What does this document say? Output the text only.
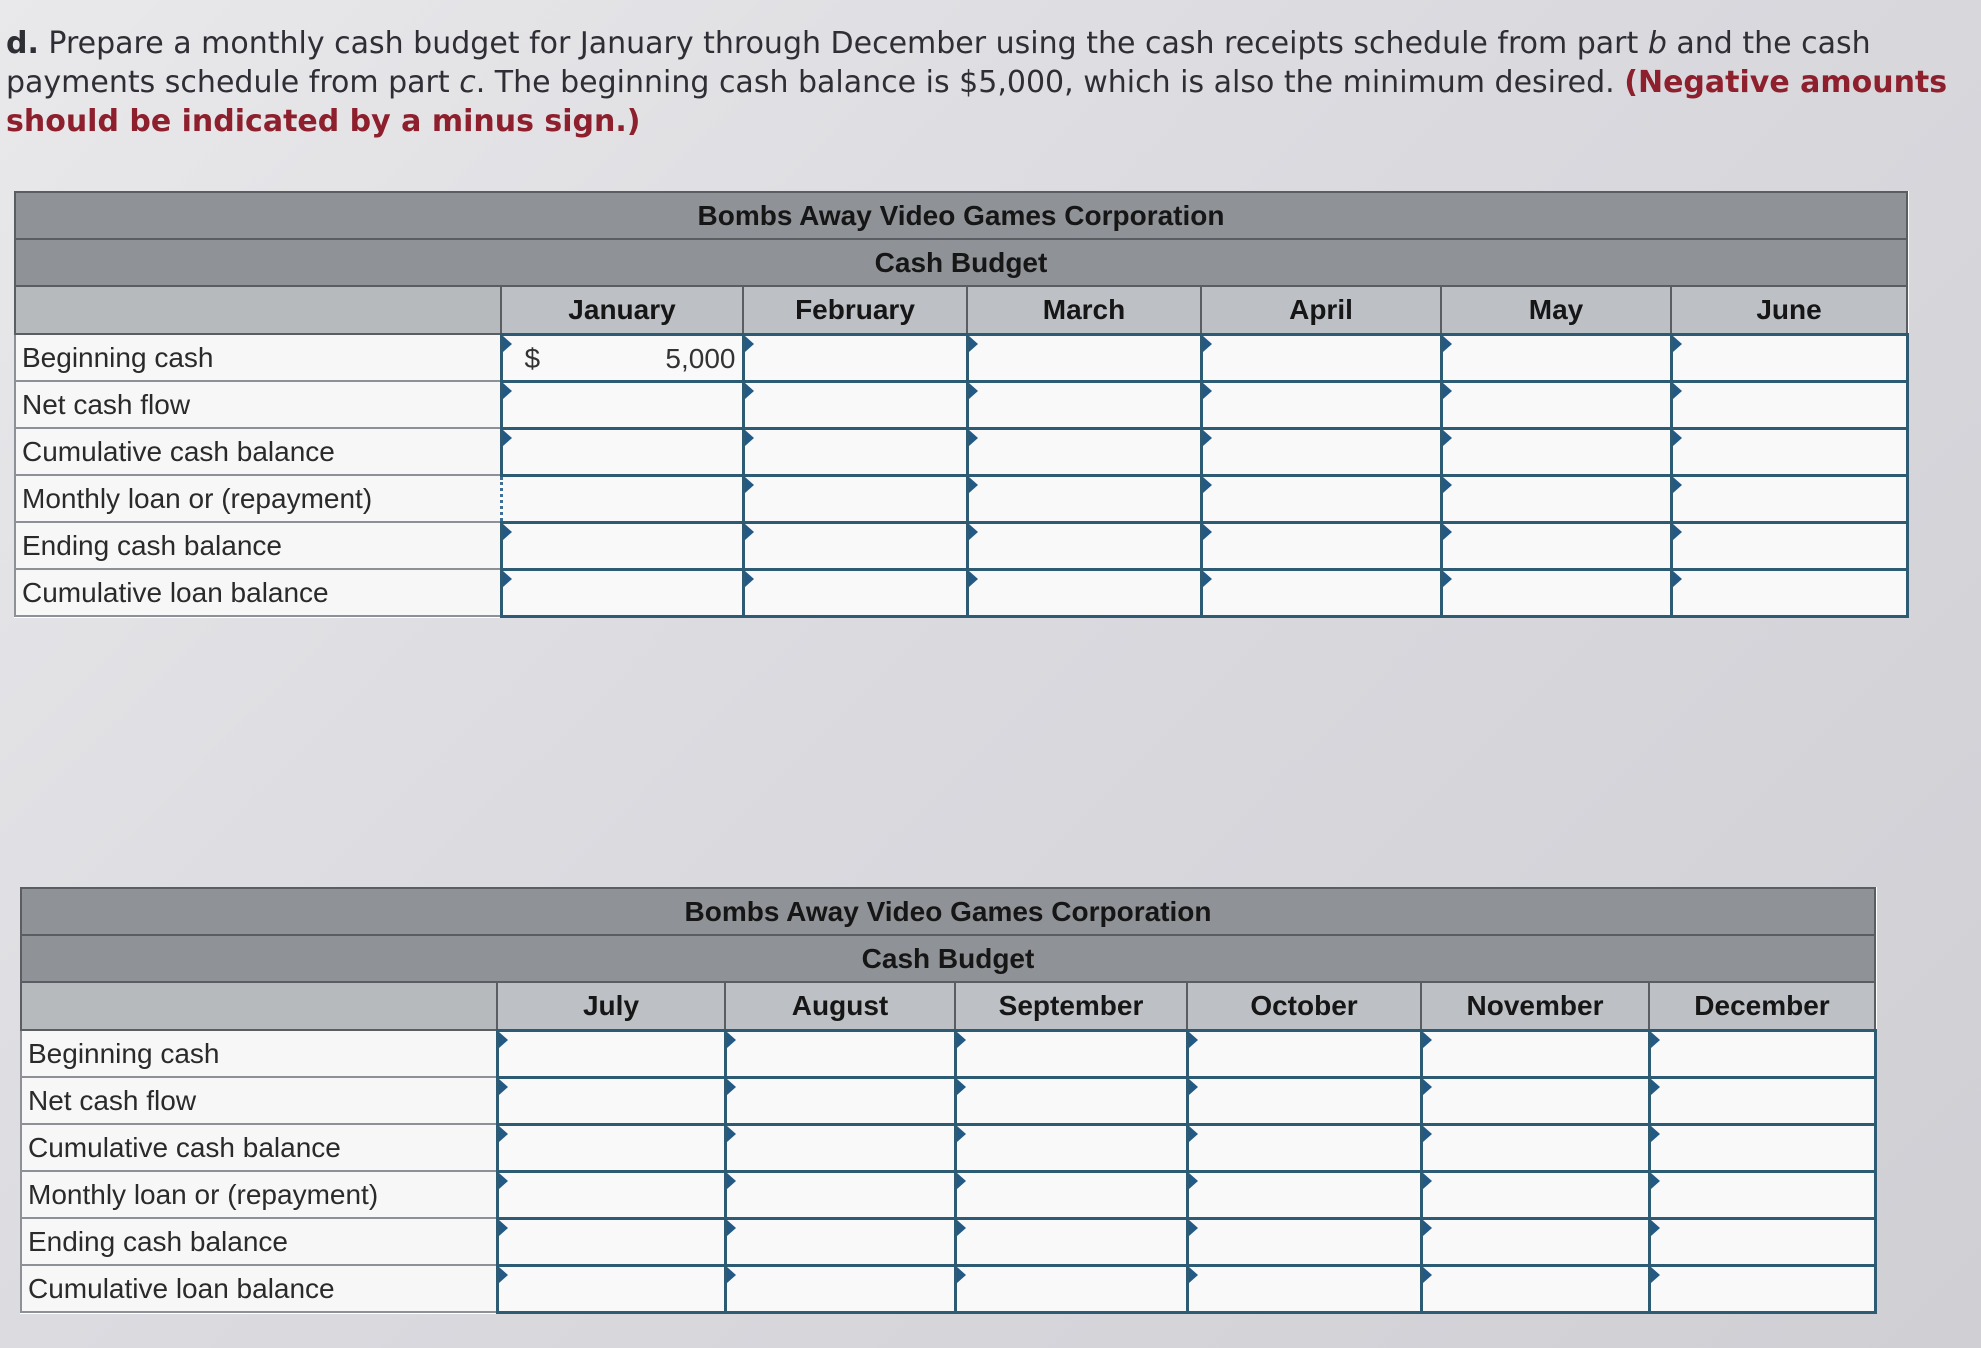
d. Prepare a monthly cash budget for January through December using the cash receipts schedule from part b and the cash payments schedule from part c. The beginning cash balance is $5,000, which is also the minimum desired. (Negative amounts should be indicated by a minus sign.)
Bombs Away Video Games Corporation						
Cash Budget						
	January	February	March	April	May	June
Beginning cash	$ 5,000					

Net cash flow	

Cumulative cash balance	

Monthly loan or (repayment)		

Ending cash balance	

Cumulative loan balance	

Bombs Away Video Games Corporation						
Cash Budget						
	July	August	September	October	November	December
Beginning cash	

Net cash flow	

Cumulative cash balance	

Monthly loan or (repayment)	

Ending cash balance	

Cumulative loan balance	
